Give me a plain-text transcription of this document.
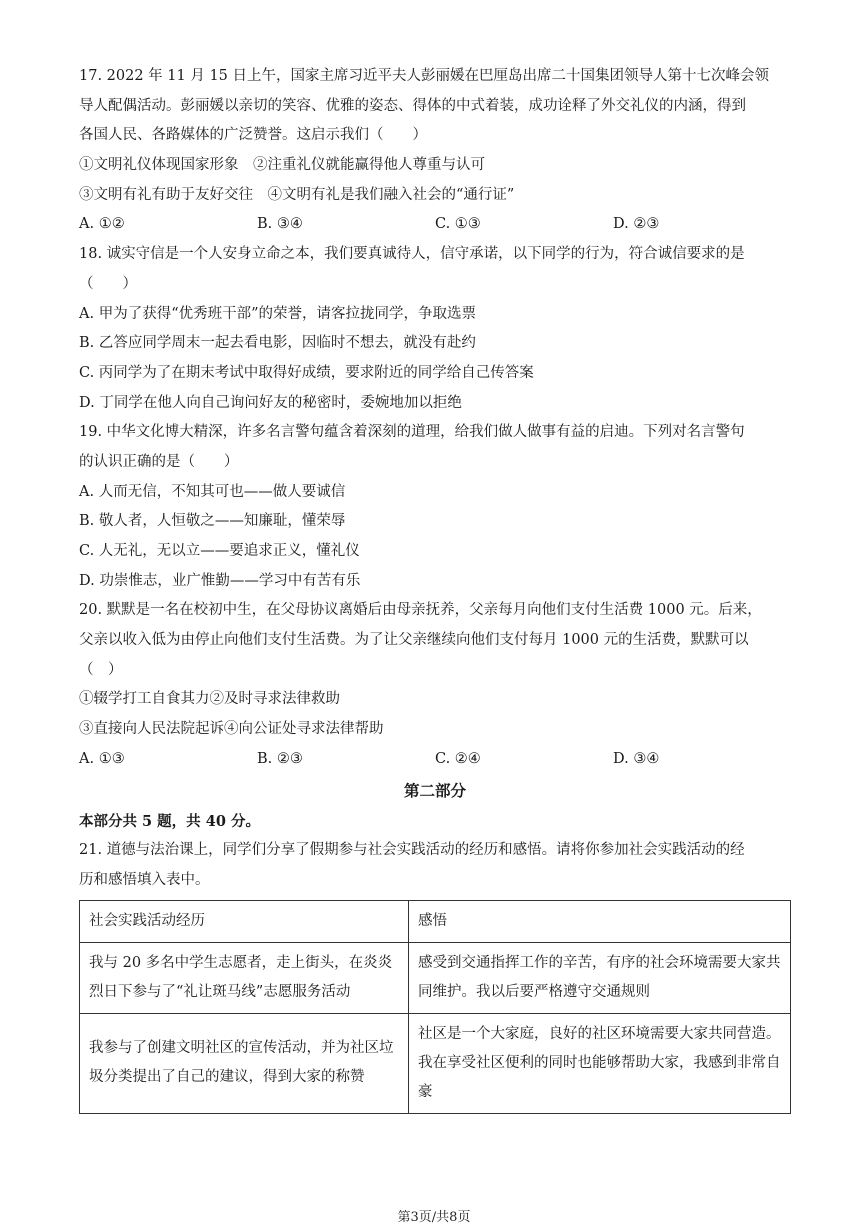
17. 2022 年 11 月 15 日上午，国家主席习近平夫人彭丽媛在巴厘岛出席二十国集团领导人第十七次峰会领
导人配偶活动。彭丽媛以亲切的笑容、优雅的姿态、得体的中式着装，成功诠释了外交礼仪的内涵，得到
各国人民、各路媒体的广泛赞誉。这启示我们（　　）
①文明礼仪体现国家形象　②注重礼仪就能赢得他人尊重与认可
③文明有礼有助于友好交往　④文明有礼是我们融入社会的“通行证”
A. ①②	B. ③④	C. ①③	D. ②③
18. 诚实守信是一个人安身立命之本，我们要真诚待人，信守承诺，以下同学的行为，符合诚信要求的是
（　　）
A. 甲为了获得“优秀班干部”的荣誉，请客拉拢同学，争取选票
B. 乙答应同学周末一起去看电影，因临时不想去，就没有赴约
C. 丙同学为了在期末考试中取得好成绩，要求附近的同学给自己传答案
D. 丁同学在他人向自己询问好友的秘密时，委婉地加以拒绝
19. 中华文化博大精深，许多名言警句蕴含着深刻的道理，给我们做人做事有益的启迪。下列对名言警句
的认识正确的是（　　）
A. 人而无信，不知其可也——做人要诚信
B. 敬人者，人恒敬之——知廉耻，懂荣辱
C. 人无礼，无以立——要追求正义，懂礼仪
D. 功崇惟志，业广惟勤——学习中有苦有乐
20. 默默是一名在校初中生，在父母协议离婚后由母亲抚养，父亲每月向他们支付生活费 1000 元。后来，
父亲以收入低为由停止向他们支付生活费。为了让父亲继续向他们支付每月 1000 元的生活费，默默可以
（　）
①辍学打工自食其力②及时寻求法律救助
③直接向人民法院起诉④向公证处寻求法律帮助
A. ①③	B. ②③	C. ②④	D. ③④
第二部分
本部分共 5 题，共 40 分。
21. 道德与法治课上，同学们分享了假期参与社会实践活动的经历和感悟。请将你参加社会实践活动的经
历和感悟填入表中。
社会实践活动经历	感悟
我与 20 多名中学生志愿者，走上街头，在炎炎烈日下参与了“礼让斑马线”志愿服务活动	感受到交通指挥工作的辛苦，有序的社会环境需要大家共同维护。我以后要严格遵守交通规则
我参与了创建文明社区的宣传活动，并为社区垃圾分类提出了自己的建议，得到大家的称赞	社区是一个大家庭，良好的社区环境需要大家共同营造。我在享受社区便利的同时也能够帮助大家，我感到非常自豪
第3页/共8页
